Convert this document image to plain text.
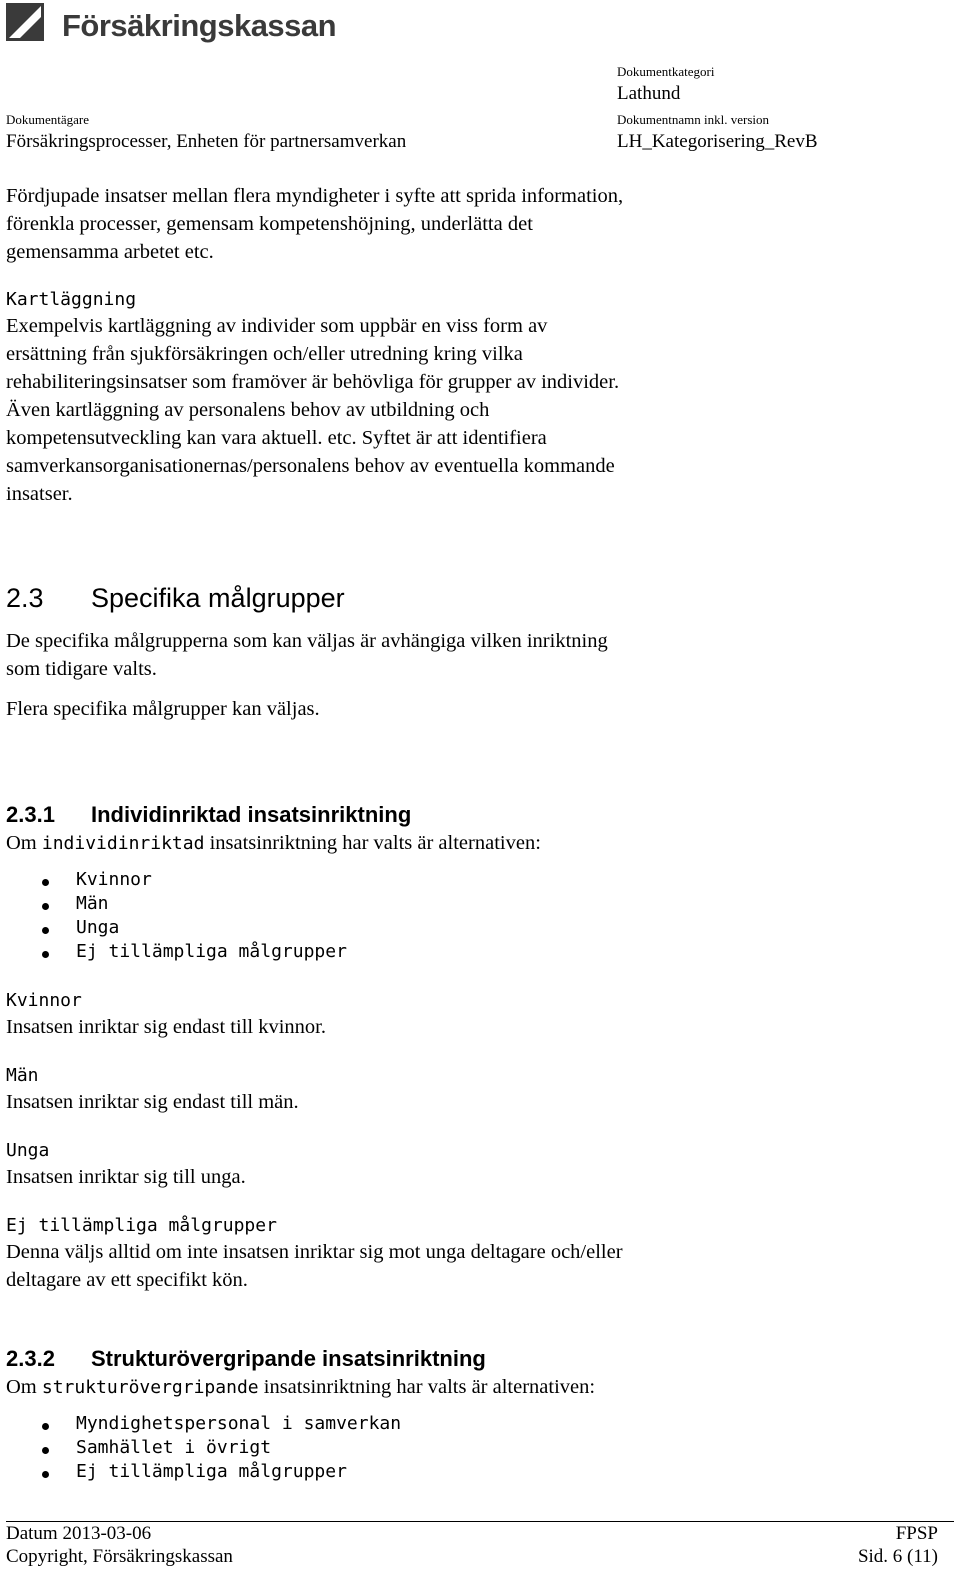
Försäkringskassan
Dokumentkategori
Lathund
Dokumentägare
Försäkringsprocesser, Enheten för partnersamverkan
Dokumentnamn inkl. version
LH_Kategorisering_RevB
Fördjupade insatser mellan flera myndigheter i syfte att sprida information,
förenkla processer, gemensam kompetenshöjning, underlätta det
gemensamma arbetet etc.
Kartläggning
Exempelvis kartläggning av individer som uppbär en viss form av
ersättning från sjukförsäkringen och/eller utredning kring vilka
rehabiliteringsinsatser som framöver är behövliga för grupper av individer.
Även kartläggning av personalens behov av utbildning och
kompetensutveckling kan vara aktuell. etc. Syftet är att identifiera
samverkansorganisationernas/personalens behov av eventuella kommande
insatser.
2.3 Specifika målgrupper
De specifika målgrupperna som kan väljas är avhängiga vilken inriktning
som tidigare valts.
Flera specifika målgrupper kan väljas.
2.3.1 Individinriktad insatsinriktning
Om individinriktad insatsinriktning har valts är alternativen:
Kvinnor
Män
Unga
Ej tillämpliga målgrupper
Kvinnor
Insatsen inriktar sig endast till kvinnor.
Män
Insatsen inriktar sig endast till män.
Unga
Insatsen inriktar sig till unga.
Ej tillämpliga målgrupper
Denna väljs alltid om inte insatsen inriktar sig mot unga deltagare och/eller
deltagare av ett specifikt kön.
2.3.2 Strukturövergripande insatsinriktning
Om strukturövergripande insatsinriktning har valts är alternativen:
Myndighetspersonal i samverkan
Samhället i övrigt
Ej tillämpliga målgrupper
Datum 2013-03-06	FPSP
Copyright, Försäkringskassan	Sid. 6 (11)
